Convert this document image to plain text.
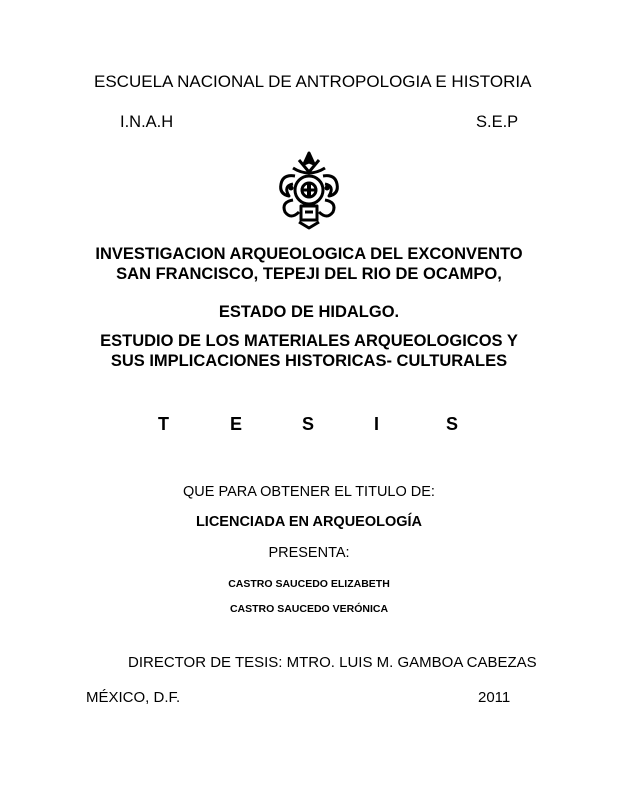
ESCUELA NACIONAL DE ANTROPOLOGIA E HISTORIA
I.N.A.H	S.E.P
INVESTIGACION ARQUEOLOGICA DEL EXCONVENTO
SAN FRANCISCO, TEPEJI DEL RIO DE OCAMPO,
ESTADO DE HIDALGO.
ESTUDIO DE LOS MATERIALES ARQUEOLOGICOS Y
SUS IMPLICACIONES HISTORICAS- CULTURALES
T	E	S	I	S
QUE PARA OBTENER EL TITULO DE:
LICENCIADA EN ARQUEOLOGÍA
PRESENTA:
CASTRO SAUCEDO ELIZABETH
CASTRO SAUCEDO VERÓNICA
DIRECTOR DE TESIS: MTRO. LUIS M. GAMBOA CABEZAS
MÉXICO, D.F.	2011
